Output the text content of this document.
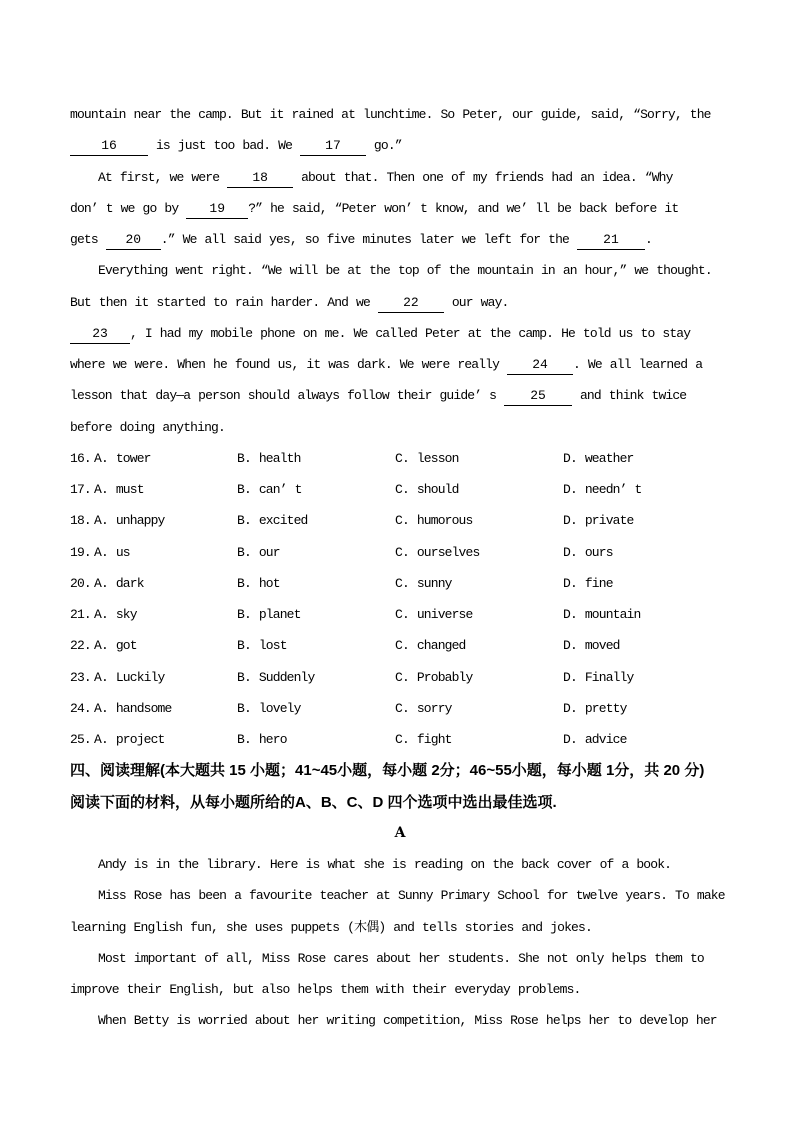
mountain near the camp. But it rained at lunchtime. So Peter, our guide, said, “Sorry, the
16 is just too bad. We 17 go.”
At first, we were 18 about that. Then one of my friends had an idea. “Why
don’ t we go by 19 ?” he said, “Peter won’ t know, and we’ ll be back before it
gets 20 .” We all said yes, so five minutes later we left for the 21 .
Everything went right. “We will be at the top of the mountain in an hour,” we thought.
But then it started to rain harder. And we 22 our way.
23 , I had my mobile phone on me. We called Peter at the camp. He told us to stay
where we were. When he found us, it was dark. We were really 24 . We all learned a
lesson that day—a person should always follow their guide’ s 25 and think twice
before doing anything.
16. A. tower	B. health	C. lesson	D. weather
17. A. must	B. can’ t	C. should	D. needn’ t
18. A. unhappy	B. excited	C. humorous	D. private
19. A. us	B. our	C. ourselves	D. ours
20. A. dark	B. hot	C. sunny	D. fine
21. A. sky	B. planet	C. universe	D. mountain
22. A. got	B. lost	C. changed	D. moved
23. A. Luckily	B. Suddenly	C. Probably	D. Finally
24. A. handsome	B. lovely	C. sorry	D. pretty
25. A. project	B. hero	C. fight	D. advice
四、阅读理解(本大题共 15 小题；41~45小题，每小题 2分；46~55小题，每小题 1分，共 20 分)
阅读下面的材料，从每小题所给的A、B、C、D 四个选项中选出最佳选项.
A
Andy is in the library. Here is what she is reading on the back cover of a book.
Miss Rose has been a favourite teacher at Sunny Primary School for twelve years. To make
learning English fun, she uses puppets (木偶) and tells stories and jokes.
Most important of all, Miss Rose cares about her students. She not only helps them to
improve their English, but also helps them with their everyday problems.
When Betty is worried about her writing competition, Miss Rose helps her to develop her
